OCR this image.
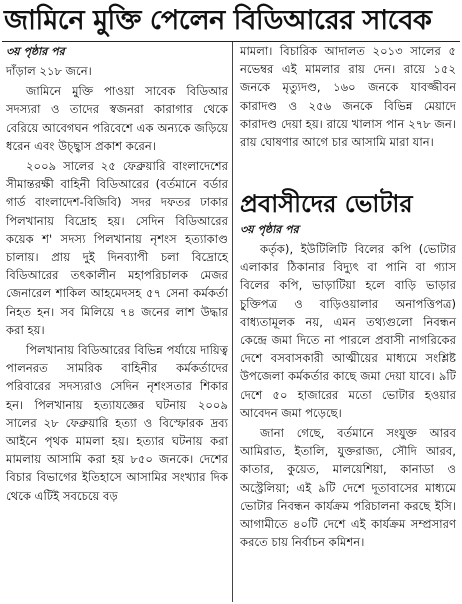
জামিনে মুক্তি পেলেন বিডিআরের সাবেক
৩য় পৃষ্ঠার পর

দাঁড়াল ২১৮ জনে।

জামিনে মুক্তি পাওয়া সাবেক বিডিআর সদস্যরা ও তাদের স্বজনরা কারাগার থেকে বেরিয়ে আবেগঘন পরিবেশে এক অন্যকে জড়িয়ে ধরেন এবং উচ্ছ্বাস প্রকাশ করেন।

২০০৯ সালের ২৫ ফেব্রুয়ারি বাংলাদেশের সীমান্তরক্ষী বাহিনী বিডিআরের (বর্তমানে বর্ডার গার্ড বাংলাদেশ-বিজিবি) সদর দফতর ঢাকার পিলখানায় বিদ্রোহ হয়। সেদিন বিডিআরের কয়েক শ' সদস্য পিলখানায় নৃশংস হত্যাকাণ্ড চালায়। প্রায় দুই দিনব্যাপী চলা বিদ্রোহে বিডিআরের তৎকালীন মহাপরিচালক মেজর জেনারেল শাকিল আহমেদসহ ৫৭ সেনা কর্মকর্তা নিহত হন। সব মিলিয়ে ৭৪ জনের লাশ উদ্ধার করা হয়।

পিলখানায় বিডিআরের বিভিন্ন পর্যায়ে দায়িত্ব পালনরত সামরিক বাহিনীর কর্মকর্তাদের পরিবারের সদস্যরাও সেদিন নৃশংসতার শিকার হন। পিলখানায় হত্যাযজ্ঞের ঘটনায় ২০০৯ সালের ২৮ ফেব্রুয়ারি হত্যা ও বিস্ফোরক দ্রব্য আইনে পৃথক মামলা হয়। হত্যার ঘটনায় করা মামলায় আসামি করা হয় ৮৫০ জনকে। দেশের বিচার বিভাগের ইতিহাসে আসামির সংখ্যার দিক থেকে এটিই সবচেয়ে বড়

মামলা। বিচারিক আদালত ২০১৩ সালের ৫ নভেম্বর এই মামলার রায় দেন। রায়ে ১৫২ জনকে মৃত্যুদণ্ড, ১৬০ জনকে যাবজ্জীবন কারাদণ্ড ও ২৫৬ জনকে বিভিন্ন মেয়াদে কারাদণ্ড দেয়া হয়। রায়ে খালাস পান ২৭৮ জন। রায় ঘোষণার আগে চার আসামি মারা যান।

প্রবাসীদের ভোটার
৩য় পৃষ্ঠার পর

কর্তৃক), ইউটিলিটি বিলের কপি (ভোটার এলাকার ঠিকানার বিদ্যুৎ বা পানি বা গ্যাস বিলের কপি, ভাড়াটিয়া হলে বাড়ি ভাড়ার চুক্তিপত্র ও বাড়িওয়ালার অনাপত্তিপত্র) বাধ্যতামূলক নয়, এমন তথ্যগুলো নিবন্ধন কেন্দ্রে জমা দিতে না পারলে প্রবাসী নাগরিকের দেশে বসবাসকারী আত্মীয়ের মাধ্যমে সংশ্লিষ্ট উপজেলা কর্মকর্তার কাছে জমা দেয়া যাবে। ৯টি দেশে ৫০ হাজারের মতো ভোটার হওয়ার আবেদন জমা পড়েছে।

জানা গেছে, বর্তমানে সংযুক্ত আরব আমিরাত, ইতালি, যুক্তরাজ্য, সৌদি আরব, কাতার, কুয়েত, মালয়েশিয়া, কানাডা ও অস্ট্রেলিয়া; এই ৯টি দেশে দূতাবাসের মাধ্যমে ভোটার নিবন্ধন কার্যক্রম পরিচালনা করছে ইসি। আগামীতে ৪০টি দেশে এই কার্যক্রম সম্প্রসারণ করতে চায় নির্বাচন কমিশন।
